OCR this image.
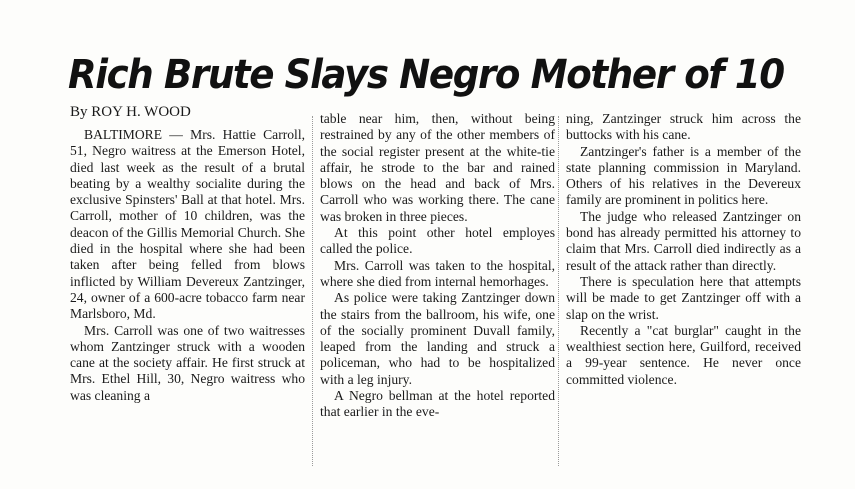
Rich Brute Slays Negro Mother of 10
By ROY H. WOOD

BALTIMORE — Mrs. Hattie Carroll, 51, Negro waitress at the Emerson Hotel, died last week as the result of a brutal beating by a wealthy socialite during the exclusive Spinsters' Ball at that hotel. Mrs. Carroll, mother of 10 children, was the deacon of the Gillis Memorial Church. She died in the hospital where she had been taken after being felled from blows inflicted by William Devereux Zantzinger, 24, owner of a 600-acre tobacco farm near Marlsboro, Md.

Mrs. Carroll was one of two waitresses whom Zantzinger struck with a wooden cane at the society affair. He first struck at Mrs. Ethel Hill, 30, Negro waitress who was cleaning a

table near him, then, without being restrained by any of the other members of the social register present at the white-tie affair, he strode to the bar and rained blows on the head and back of Mrs. Carroll who was working there. The cane was broken in three pieces.

At this point other hotel employes called the police.

Mrs. Carroll was taken to the hospital, where she died from internal hemorhages.

As police were taking Zantzinger down the stairs from the ballroom, his wife, one of the socially prominent Duvall family, leaped from the landing and struck a policeman, who had to be hospitalized with a leg injury.

A Negro bellman at the hotel reported that earlier in the eve-

ning, Zantzinger struck him across the buttocks with his cane.

Zantzinger's father is a member of the state planning commission in Maryland. Others of his relatives in the Devereux family are prominent in politics here.

The judge who released Zantzinger on bond has already permitted his attorney to claim that Mrs. Carroll died indirectly as a result of the attack rather than directly.

There is speculation here that attempts will be made to get Zantzinger off with a slap on the wrist.

Recently a "cat burglar" caught in the wealthiest section here, Guilford, received a 99-year sentence. He never once committed violence.
